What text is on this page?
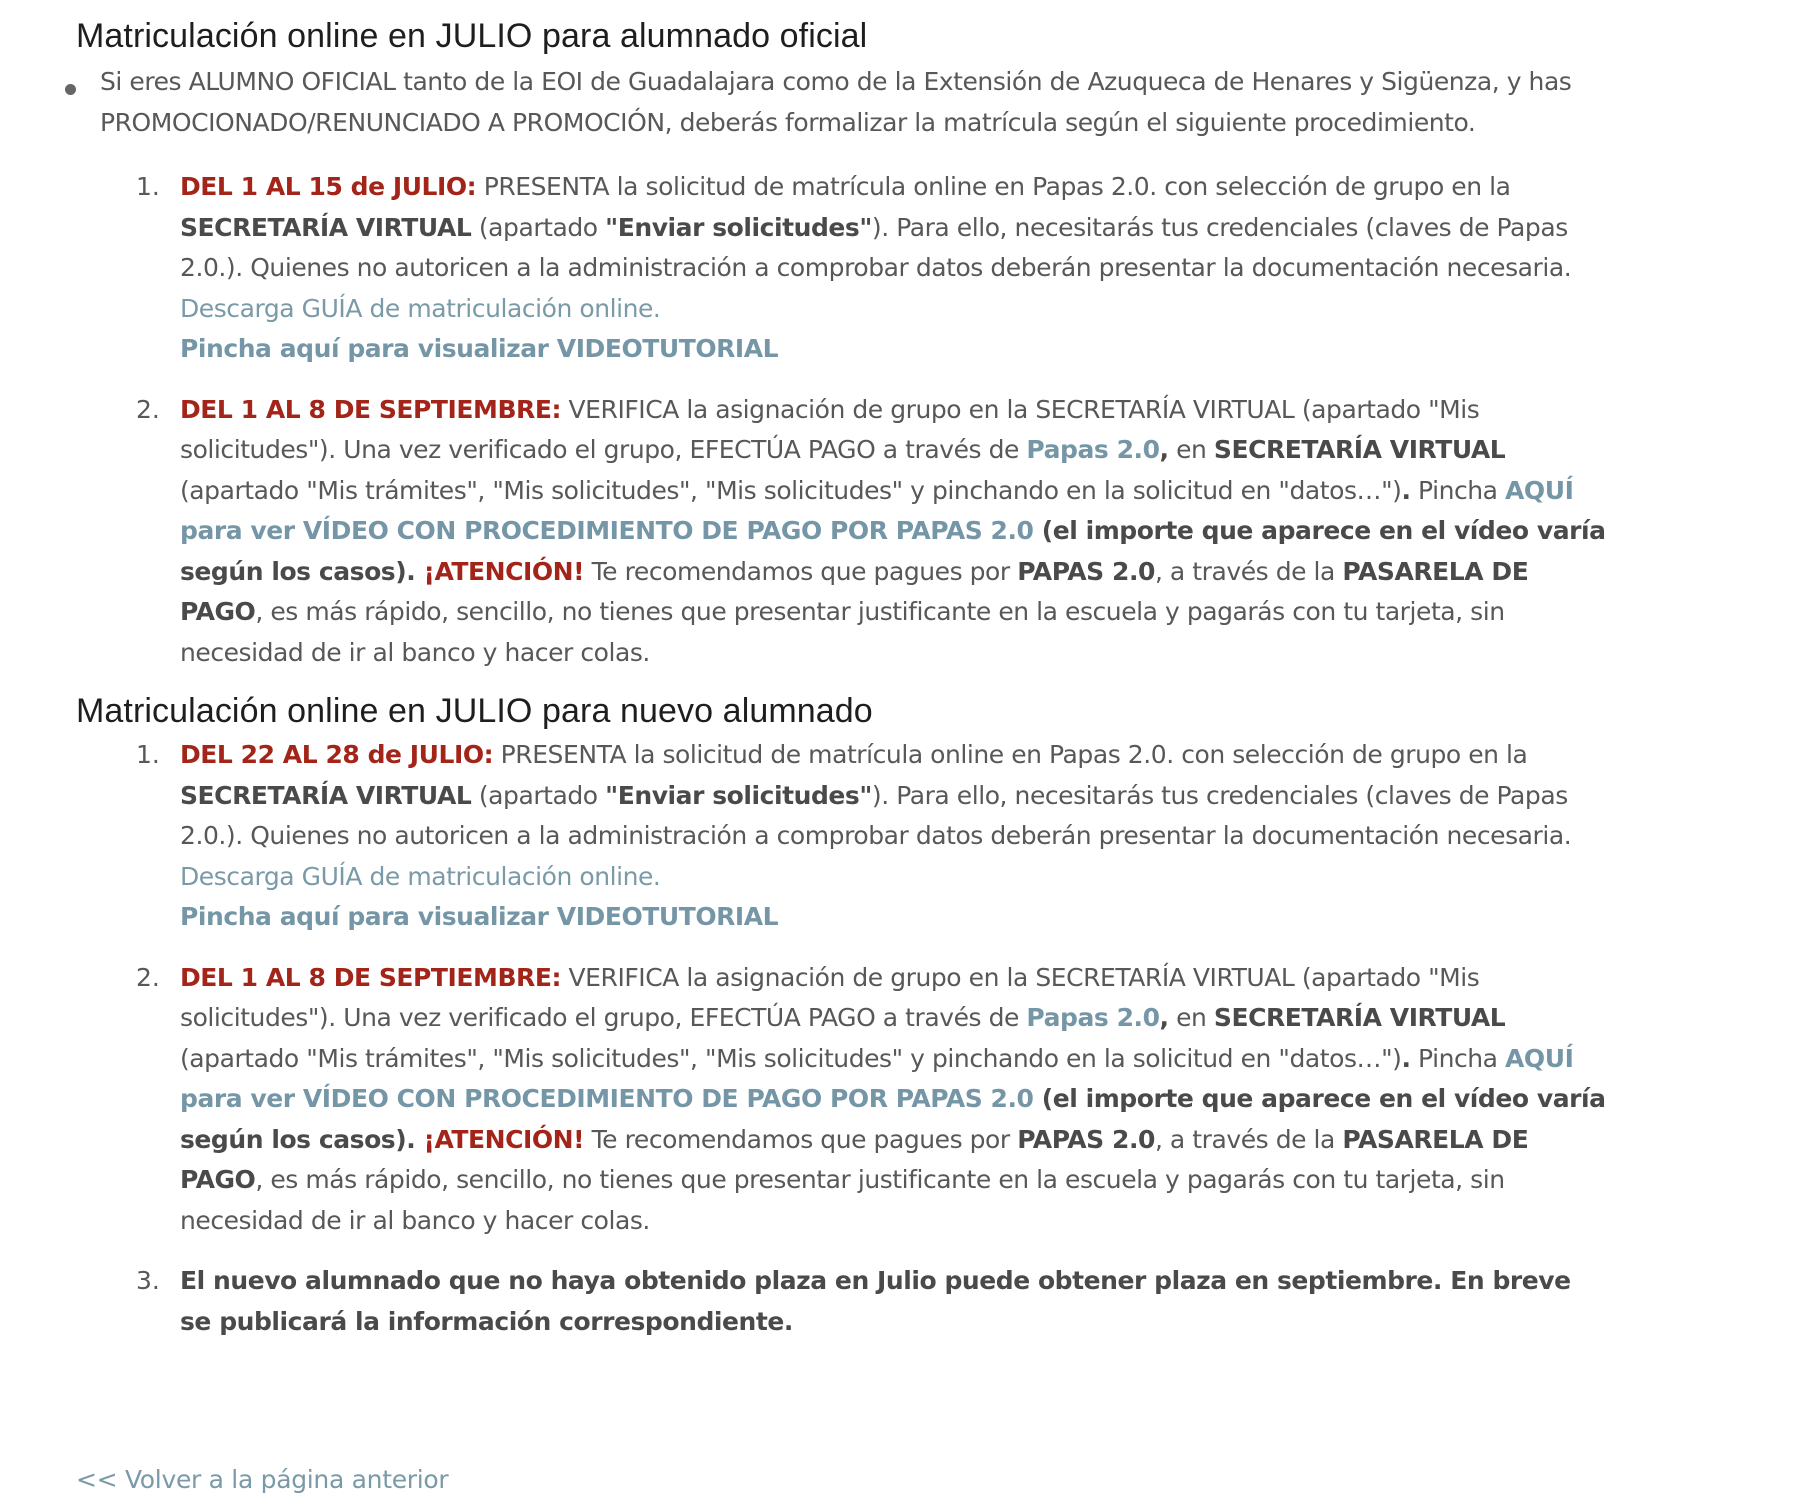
Matriculación online en JULIO para alumnado oficial
Si eres ALUMNO OFICIAL tanto de la EOI de Guadalajara como de la Extensión de Azuqueca de Henares y Sigüenza, y has PROMOCIONADO/RENUNCIADO A PROMOCIÓN, deberás formalizar la matrícula según el siguiente procedimiento.
1. DEL 1 AL 15 de JULIO: PRESENTA la solicitud de matrícula online en Papas 2.0. con selección de grupo en la SECRETARÍA VIRTUAL (apartado "Enviar solicitudes"). Para ello, necesitarás tus credenciales (claves de Papas 2.0.). Quienes no autoricen a la administración a comprobar datos deberán presentar la documentación necesaria. Descarga GUÍA de matriculación online.
Pincha aquí para visualizar VIDEOTUTORIAL
2. DEL 1 AL 8 DE SEPTIEMBRE: VERIFICA la asignación de grupo en la SECRETARÍA VIRTUAL (apartado "Mis solicitudes"). Una vez verificado el grupo, EFECTÚA PAGO a través de Papas 2.0, en SECRETARÍA VIRTUAL (apartado "Mis trámites", "Mis solicitudes", "Mis solicitudes" y pinchando en la solicitud en "datos…"). Pincha AQUÍ para ver VÍDEO CON PROCEDIMIENTO DE PAGO POR PAPAS 2.0 (el importe que aparece en el vídeo varía según los casos). ¡ATENCIÓN! Te recomendamos que pagues por PAPAS 2.0, a través de la PASARELA DE PAGO, es más rápido, sencillo, no tienes que presentar justificante en la escuela y pagarás con tu tarjeta, sin necesidad de ir al banco y hacer colas.
Matriculación online en JULIO para nuevo alumnado
1. DEL 22 AL 28 de JULIO: PRESENTA la solicitud de matrícula online en Papas 2.0. con selección de grupo en la SECRETARÍA VIRTUAL (apartado "Enviar solicitudes"). Para ello, necesitarás tus credenciales (claves de Papas 2.0.). Quienes no autoricen a la administración a comprobar datos deberán presentar la documentación necesaria. Descarga GUÍA de matriculación online.
Pincha aquí para visualizar VIDEOTUTORIAL
2. DEL 1 AL 8 DE SEPTIEMBRE: VERIFICA la asignación de grupo en la SECRETARÍA VIRTUAL (apartado "Mis solicitudes"). Una vez verificado el grupo, EFECTÚA PAGO a través de Papas 2.0, en SECRETARÍA VIRTUAL (apartado "Mis trámites", "Mis solicitudes", "Mis solicitudes" y pinchando en la solicitud en "datos…"). Pincha AQUÍ para ver VÍDEO CON PROCEDIMIENTO DE PAGO POR PAPAS 2.0 (el importe que aparece en el vídeo varía según los casos). ¡ATENCIÓN! Te recomendamos que pagues por PAPAS 2.0, a través de la PASARELA DE PAGO, es más rápido, sencillo, no tienes que presentar justificante en la escuela y pagarás con tu tarjeta, sin necesidad de ir al banco y hacer colas.
3. El nuevo alumnado que no haya obtenido plaza en Julio puede obtener plaza en septiembre. En breve se publicará la información correspondiente.
<< Volver a la página anterior
